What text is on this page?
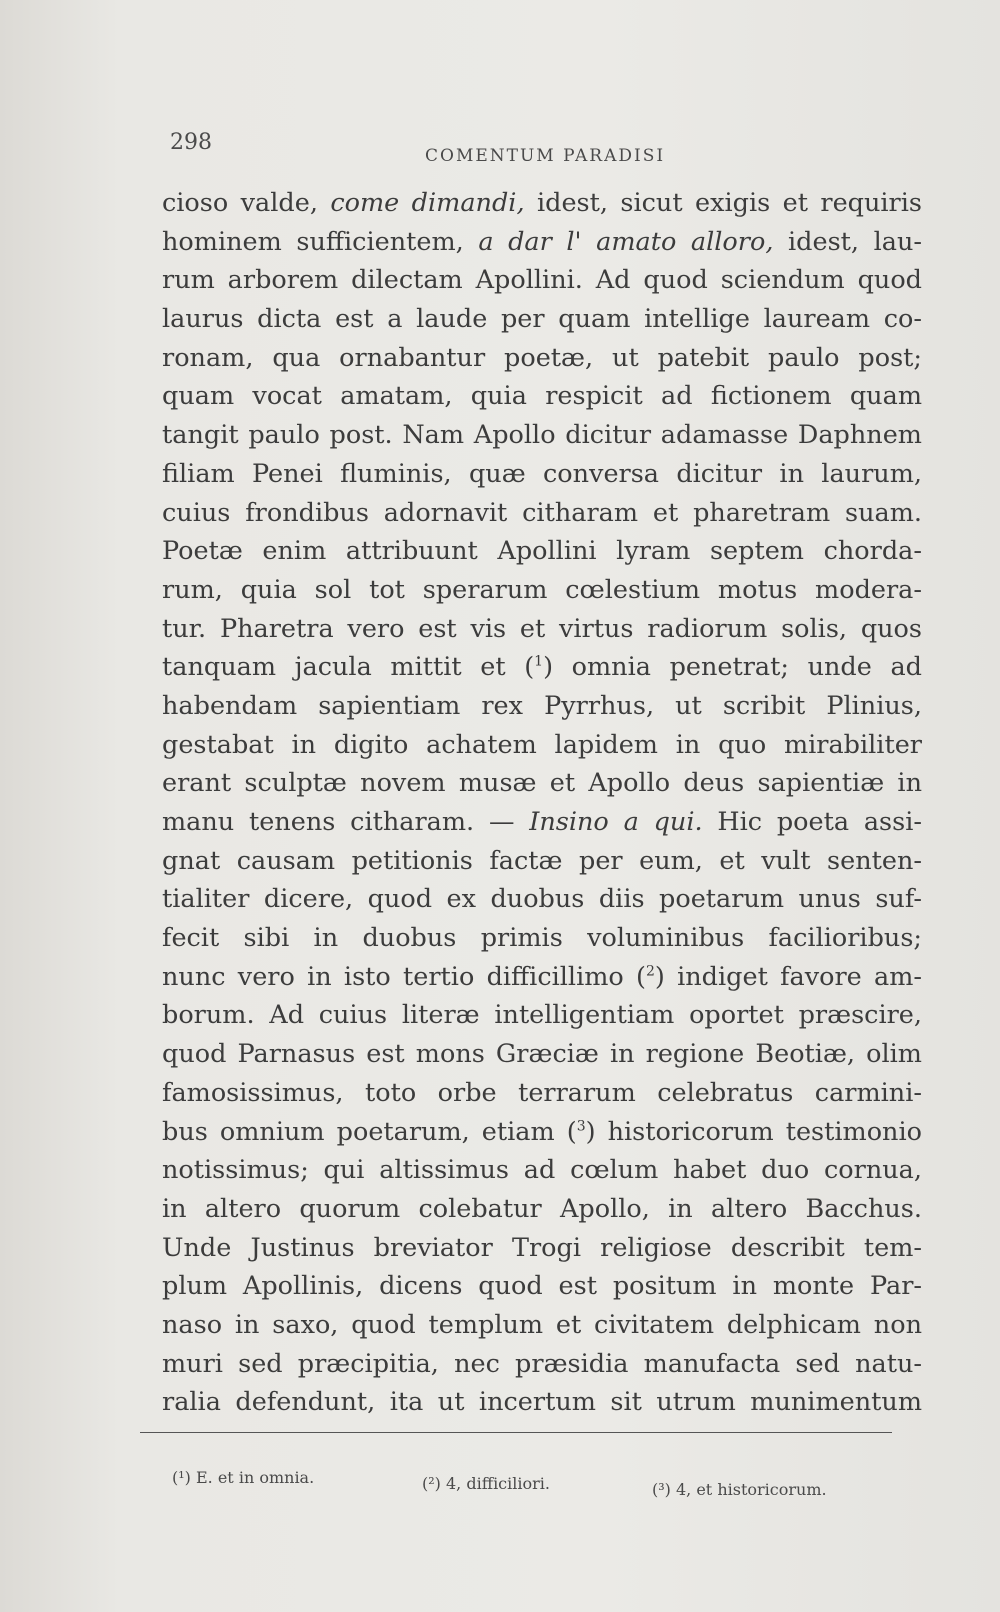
298
COMENTUM PARADISI
cioso valde, come dimandi, idest, sicut exigis et requiris
hominem sufficientem, a dar l' amato alloro, idest, lau-
rum arborem dilectam Apollini. Ad quod sciendum quod
laurus dicta est a laude per quam intellige lauream co-
ronam, qua ornabantur poetæ, ut patebit paulo post;
quam vocat amatam, quia respicit ad fictionem quam
tangit paulo post. Nam Apollo dicitur adamasse Daphnem
filiam Penei fluminis, quæ conversa dicitur in laurum,
cuius frondibus adornavit citharam et pharetram suam.
Poetæ enim attribuunt Apollini lyram septem chorda-
rum, quia sol tot sperarum cœlestium motus modera-
tur. Pharetra vero est vis et virtus radiorum solis, quos
tanquam jacula mittit et ($^1$) omnia penetrat; unde ad
habendam sapientiam rex Pyrrhus, ut scribit Plinius,
gestabat in digito achatem lapidem in quo mirabiliter
erant sculptæ novem musæ et Apollo deus sapientiæ in
manu tenens citharam. — Insino a qui. Hic poeta assi-
gnat causam petitionis factæ per eum, et vult senten-
tialiter dicere, quod ex duobus diis poetarum unus suf-
fecit sibi in duobus primis voluminibus facilioribus;
nunc vero in isto tertio difficillimo ($^2$) indiget favore am-
borum. Ad cuius literæ intelligentiam oportet præscire,
quod Parnasus est mons Græciæ in regione Beotiæ, olim
famosissimus, toto orbe terrarum celebratus carmini-
bus omnium poetarum, etiam ($^3$) historicorum testimonio
notissimus; qui altissimus ad cœlum habet duo cornua,
in altero quorum colebatur Apollo, in altero Bacchus.
Unde Justinus breviator Trogi religiose describit tem-
plum Apollinis, dicens quod est positum in monte Par-
naso in saxo, quod templum et civitatem delphicam non
muri sed præcipitia, nec præsidia manufacta sed natu-
ralia defendunt, ita ut incertum sit utrum munimentum
(¹) E. et in omnia.	(²) 4, difficiliori.	(³) 4, et historicorum.
